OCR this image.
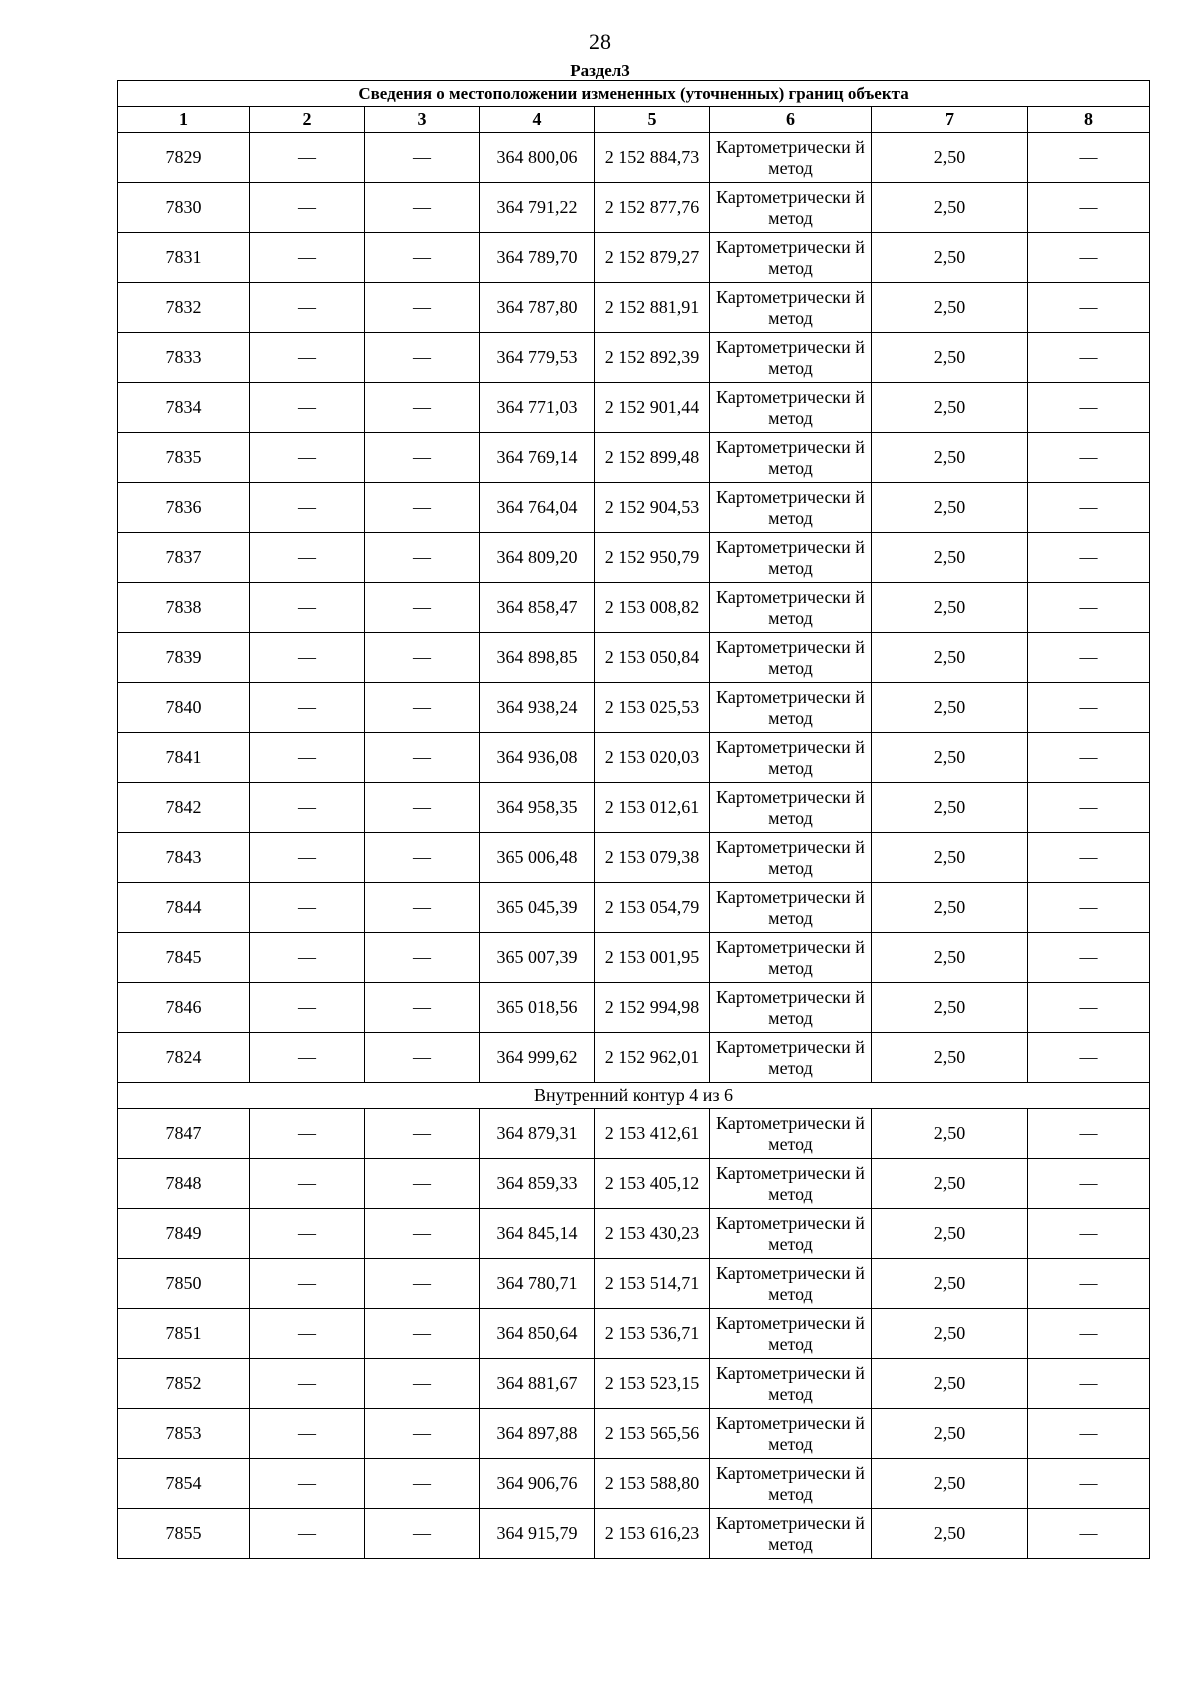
28
Раздел3
Сведения о местоположении измененных (уточненных) границ объекта							
1	2	3	4	5	6	7	8
7829	—	—	364 800,06	2 152 884,73	Картометрически й метод	2,50	—
7830	—	—	364 791,22	2 152 877,76	Картометрически й метод	2,50	—
7831	—	—	364 789,70	2 152 879,27	Картометрически й метод	2,50	—
7832	—	—	364 787,80	2 152 881,91	Картометрически й метод	2,50	—
7833	—	—	364 779,53	2 152 892,39	Картометрически й метод	2,50	—
7834	—	—	364 771,03	2 152 901,44	Картометрически й метод	2,50	—
7835	—	—	364 769,14	2 152 899,48	Картометрически й метод	2,50	—
7836	—	—	364 764,04	2 152 904,53	Картометрически й метод	2,50	—
7837	—	—	364 809,20	2 152 950,79	Картометрически й метод	2,50	—
7838	—	—	364 858,47	2 153 008,82	Картометрически й метод	2,50	—
7839	—	—	364 898,85	2 153 050,84	Картометрически й метод	2,50	—
7840	—	—	364 938,24	2 153 025,53	Картометрически й метод	2,50	—
7841	—	—	364 936,08	2 153 020,03	Картометрически й метод	2,50	—
7842	—	—	364 958,35	2 153 012,61	Картометрически й метод	2,50	—
7843	—	—	365 006,48	2 153 079,38	Картометрически й метод	2,50	—
7844	—	—	365 045,39	2 153 054,79	Картометрически й метод	2,50	—
7845	—	—	365 007,39	2 153 001,95	Картометрически й метод	2,50	—
7846	—	—	365 018,56	2 152 994,98	Картометрически й метод	2,50	—
7824	—	—	364 999,62	2 152 962,01	Картометрически й метод	2,50	—
Внутренний контур 4 из 6							
7847	—	—	364 879,31	2 153 412,61	Картометрически й метод	2,50	—
7848	—	—	364 859,33	2 153 405,12	Картометрически й метод	2,50	—
7849	—	—	364 845,14	2 153 430,23	Картометрически й метод	2,50	—
7850	—	—	364 780,71	2 153 514,71	Картометрически й метод	2,50	—
7851	—	—	364 850,64	2 153 536,71	Картометрически й метод	2,50	—
7852	—	—	364 881,67	2 153 523,15	Картометрически й метод	2,50	—
7853	—	—	364 897,88	2 153 565,56	Картометрически й метод	2,50	—
7854	—	—	364 906,76	2 153 588,80	Картометрически й метод	2,50	—
7855	—	—	364 915,79	2 153 616,23	Картометрически й метод	2,50	—
